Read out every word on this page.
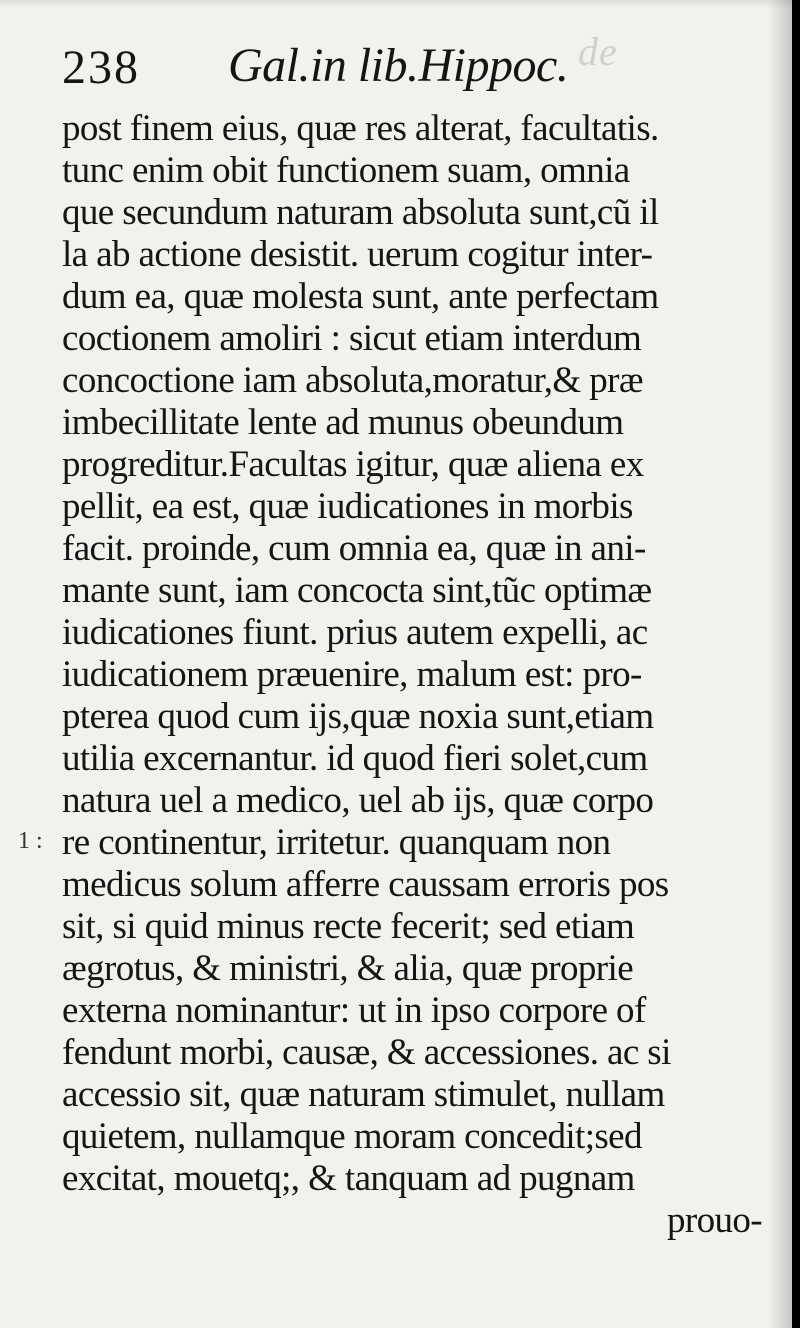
de
238 Gal.in lib.Hippoc.
1 :
post finem eius, quæ res alterat, facultatis.
tunc enim obit functionem suam, omnia
que secundum naturam absoluta sunt,cũ il
la ab actione desistit. uerum cogitur inter-
dum ea, quæ molesta sunt, ante perfectam
coctionem amoliri : sicut etiam interdum
concoctione iam absoluta,moratur,& præ
imbecillitate lente ad munus obeundum
progreditur.Facultas igitur, quæ aliena ex
pellit, ea est, quæ iudicationes in morbis
facit. proinde, cum omnia ea, quæ in ani-
mante sunt, iam concocta sint,tũc optimæ
iudicationes fiunt. prius autem expelli, ac
iudicationem præuenire, malum est: pro-
pterea quod cum ijs,quæ noxia sunt,etiam
utilia excernantur. id quod fieri solet,cum
natura uel a medico, uel ab ijs, quæ corpo
re continentur, irritetur. quanquam non
medicus solum afferre caussam erroris pos
sit, si quid minus recte fecerit; sed etiam
ægrotus, & ministri, & alia, quæ proprie
externa nominantur: ut in ipso corpore of
fendunt morbi, causæ, & accessiones. ac si
accessio sit, quæ naturam stimulet, nullam
quietem, nullamque moram concedit;sed
excitat, mouetq;, & tanquam ad pugnam
prouo-
